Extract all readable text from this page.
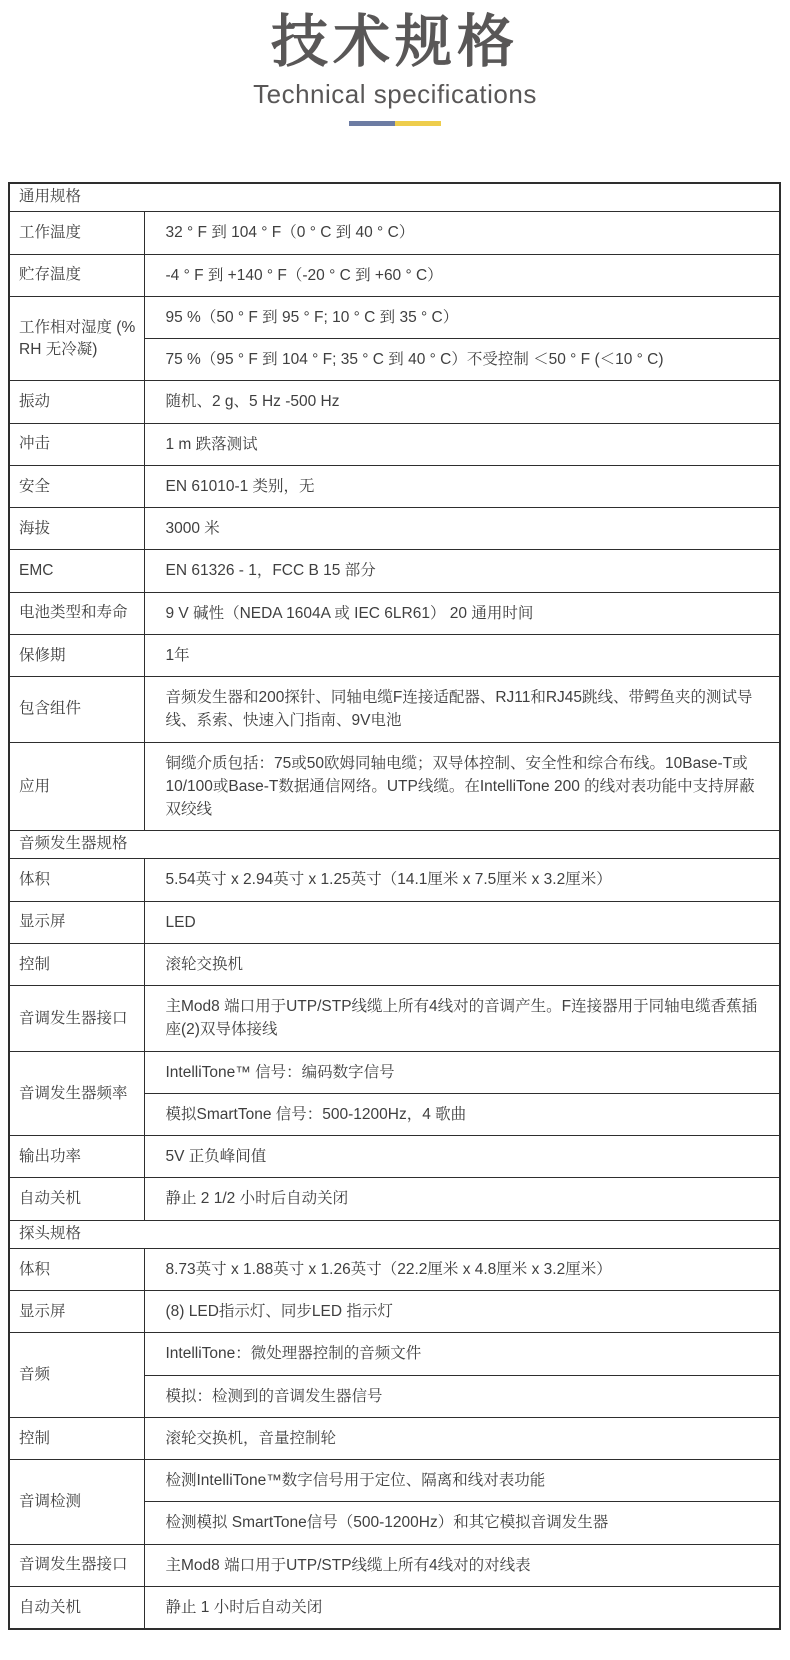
技术规格
Technical specifications
通用规格	
工作温度	32 ° F 到 104 ° F（0 ° C 到 40 ° C）
贮存温度	-4 ° F 到 +140 ° F（-20 ° C 到 +60 ° C）
工作相对湿度 (% RH 无冷凝)	95 %（50 ° F 到 95 ° F; 10 ° C 到 35 ° C）
	75 %（95 ° F 到 104 ° F; 35 ° C 到 40 ° C）不受控制 ＜50 ° F (＜10 ° C)
振动	随机、2 g、5 Hz -500 Hz
冲击	1 m 跌落测试
安全	EN 61010-1 类别，无
海拔	3000 米
EMC	EN 61326 - 1，FCC B 15 部分
电池类型和寿命	9 V 碱性（NEDA 1604A 或 IEC 6LR61） 20 通用时间
保修期	1年
包含组件	音频发生器和200探针、同轴电缆F连接适配器、RJ11和RJ45跳线、带鳄鱼夹的测试导线、系索、快速入门指南、9V电池
应用	铜缆介质包括：75或50欧姆同轴电缆；双导体控制、安全性和综合布线。10Base-T或10/100或Base-T数据通信网络。UTP线缆。在IntelliTone 200 的线对表功能中支持屏蔽双绞线
音频发生器规格	
体积	5.54英寸 x 2.94英寸 x 1.25英寸（14.1厘米 x 7.5厘米 x 3.2厘米）
显示屏	LED
控制	滚轮交换机
音调发生器接口	主Mod8 端口用于UTP/STP线缆上所有4线对的音调产生。F连接器用于同轴电缆香蕉插座(2)双导体接线
音调发生器频率	IntelliTone™ 信号：编码数字信号
	模拟SmartTone 信号：500-1200Hz，4 歌曲
输出功率	5V 正负峰间值
自动关机	静止 2 1/2 小时后自动关闭
探头规格	
体积	8.73英寸 x 1.88英寸 x 1.26英寸（22.2厘米 x 4.8厘米 x 3.2厘米）
显示屏	(8) LED指示灯、同步LED 指示灯
音频	IntelliTone：微处理器控制的音频文件
	模拟：检测到的音调发生器信号
控制	滚轮交换机，音量控制轮
音调检测	检测IntelliTone™数字信号用于定位、隔离和线对表功能
	检测模拟 SmartTone信号（500-1200Hz）和其它模拟音调发生器
音调发生器接口	主Mod8 端口用于UTP/STP线缆上所有4线对的对线表
自动关机	静止 1 小时后自动关闭
